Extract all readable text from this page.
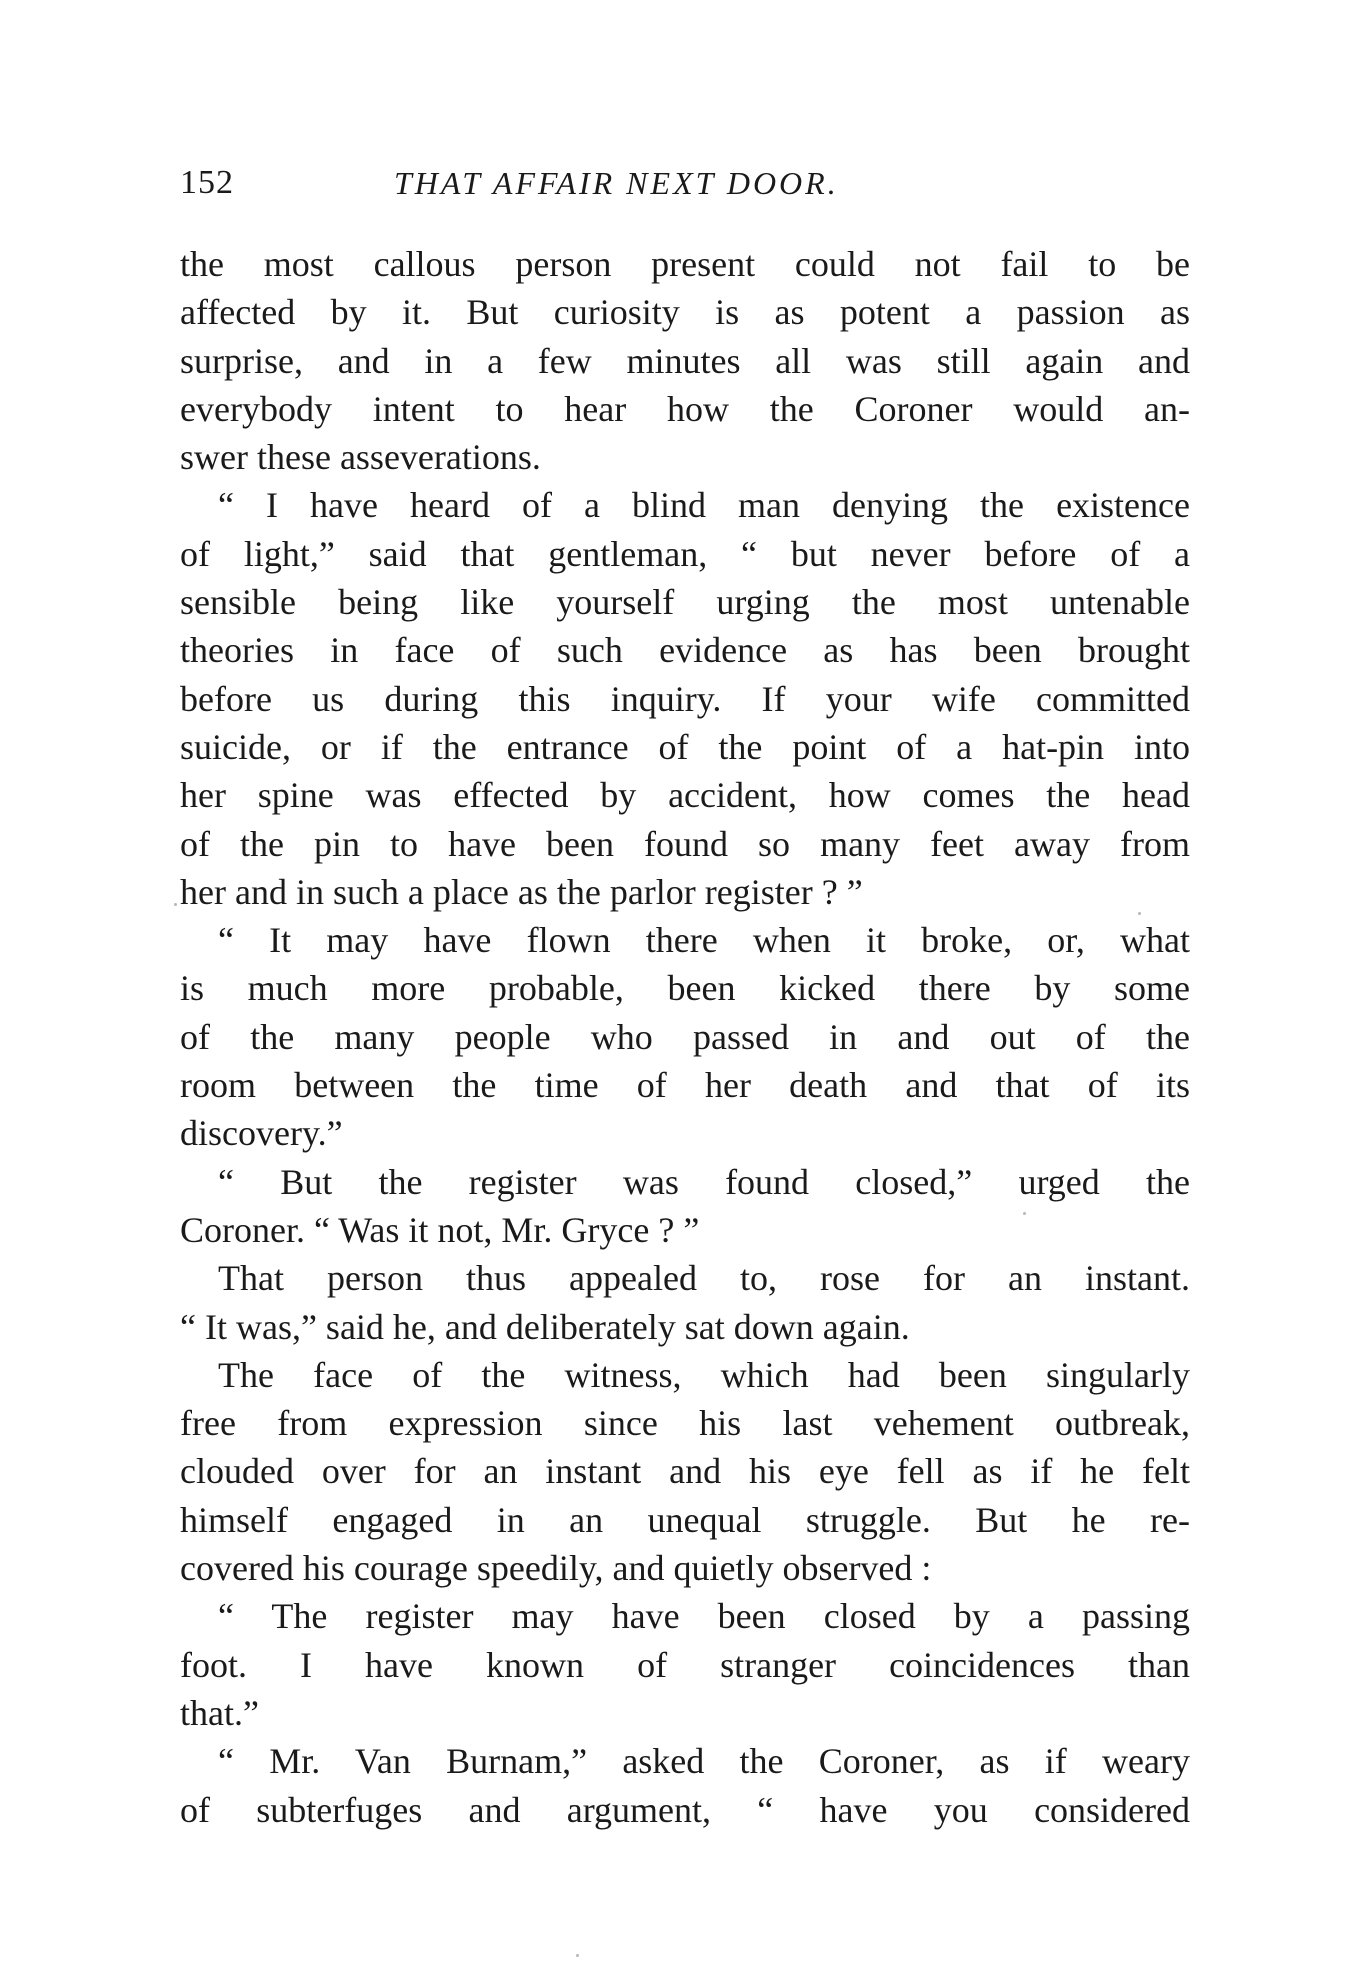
152	THAT AFFAIR NEXT DOOR.
the most callous person present could not fail to be
affected by it. But curiosity is as potent a passion as
surprise, and in a few minutes all was still again and
everybody intent to hear how the Coroner would an-
swer these asseverations.
“ I have heard of a blind man denying the existence
of light,” said that gentleman, “ but never before of a
sensible being like yourself urging the most untenable
theories in face of such evidence as has been brought
before us during this inquiry. If your wife committed
suicide, or if the entrance of the point of a hat-pin into
her spine was effected by accident, how comes the head
of the pin to have been found so many feet away from
her and in such a place as the parlor register ? ”
“ It may have flown there when it broke, or, what
is much more probable, been kicked there by some
of the many people who passed in and out of the
room between the time of her death and that of its
discovery.”
“ But the register was found closed,” urged the
Coroner. “ Was it not, Mr. Gryce ? ”
That person thus appealed to, rose for an instant.
“ It was,” said he, and deliberately sat down again.
The face of the witness, which had been singularly
free from expression since his last vehement outbreak,
clouded over for an instant and his eye fell as if he felt
himself engaged in an unequal struggle. But he re-
covered his courage speedily, and quietly observed :
“ The register may have been closed by a passing
foot. I have known of stranger coincidences than
that.”
“ Mr. Van Burnam,” asked the Coroner, as if weary
of subterfuges and argument, “ have you considered
